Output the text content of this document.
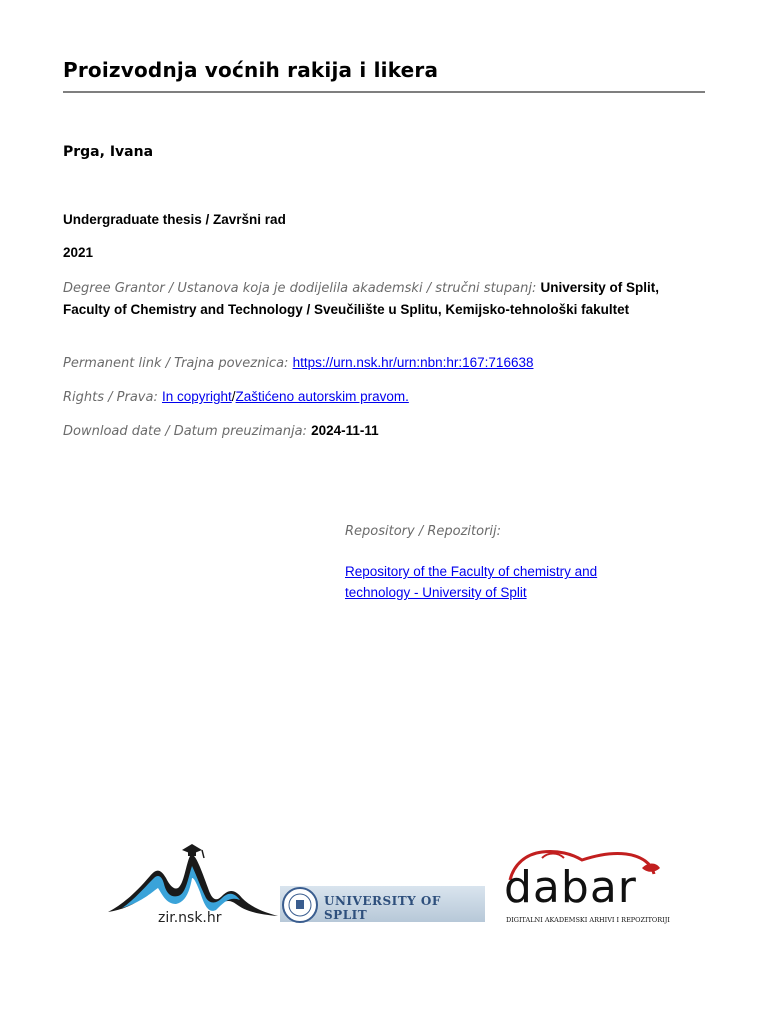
Proizvodnja voćnih rakija i likera
Prga, Ivana
Undergraduate thesis / Završni rad
2021
Degree Grantor / Ustanova koja je dodijelila akademski / stručni stupanj: University of Split, Faculty of Chemistry and Technology / Sveučilište u Splitu, Kemijsko-tehnološki fakultet
Permanent link / Trajna poveznica: https://urn.nsk.hr/urn:nbn:hr:167:716638
Rights / Prava: In copyright/Zaštićeno autorskim pravom.
Download date / Datum preuzimanja: 2024-11-11
Repository / Repozitorij:
Repository of the Faculty of chemistry and technology - University of Split
zir.nsk.hr
UNIVERSITY OF SPLIT
dabar
DIGITALNI AKADEMSKI ARHIVI I REPOZITORIJI
